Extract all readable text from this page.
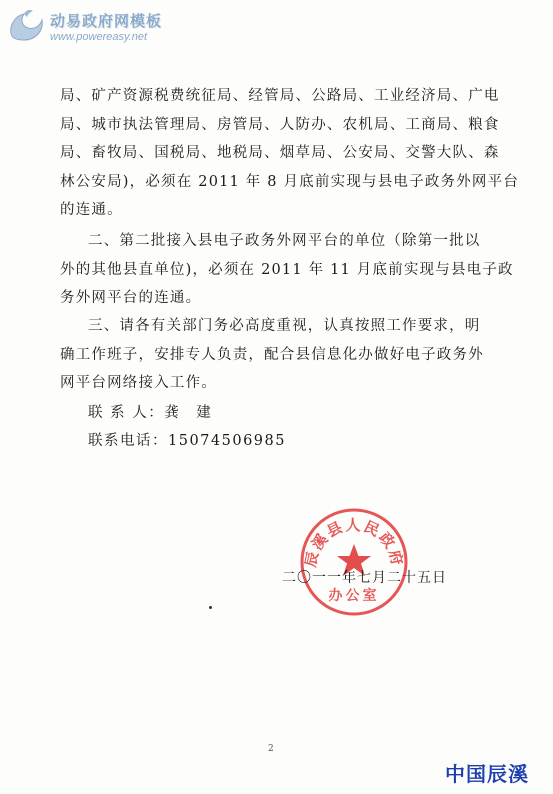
动易政府网模板
www.powereasy.net
局、矿产资源税费统征局、经管局、公路局、工业经济局、广电
局、城市执法管理局、房管局、人防办、农机局、工商局、粮食
局、畜牧局、国税局、地税局、烟草局、公安局、交警大队、森
林公安局)，必须在 2011 年 8 月底前实现与县电子政务外网平台
的连通。
二、第二批接入县电子政务外网平台的单位（除第一批以
外的其他县直单位)，必须在 2011 年 11 月底前实现与县电子政
务外网平台的连通。
三、请各有关部门务必高度重视，认真按照工作要求，明
确工作班子，安排专人负责，配合县信息化办做好电子政务外
网平台网络接入工作。
联 系 人：龚　建
联系电话：15074506985
辰溪县人民政府
办公室
二〇一一年七月二十五日
2
中国辰溪
